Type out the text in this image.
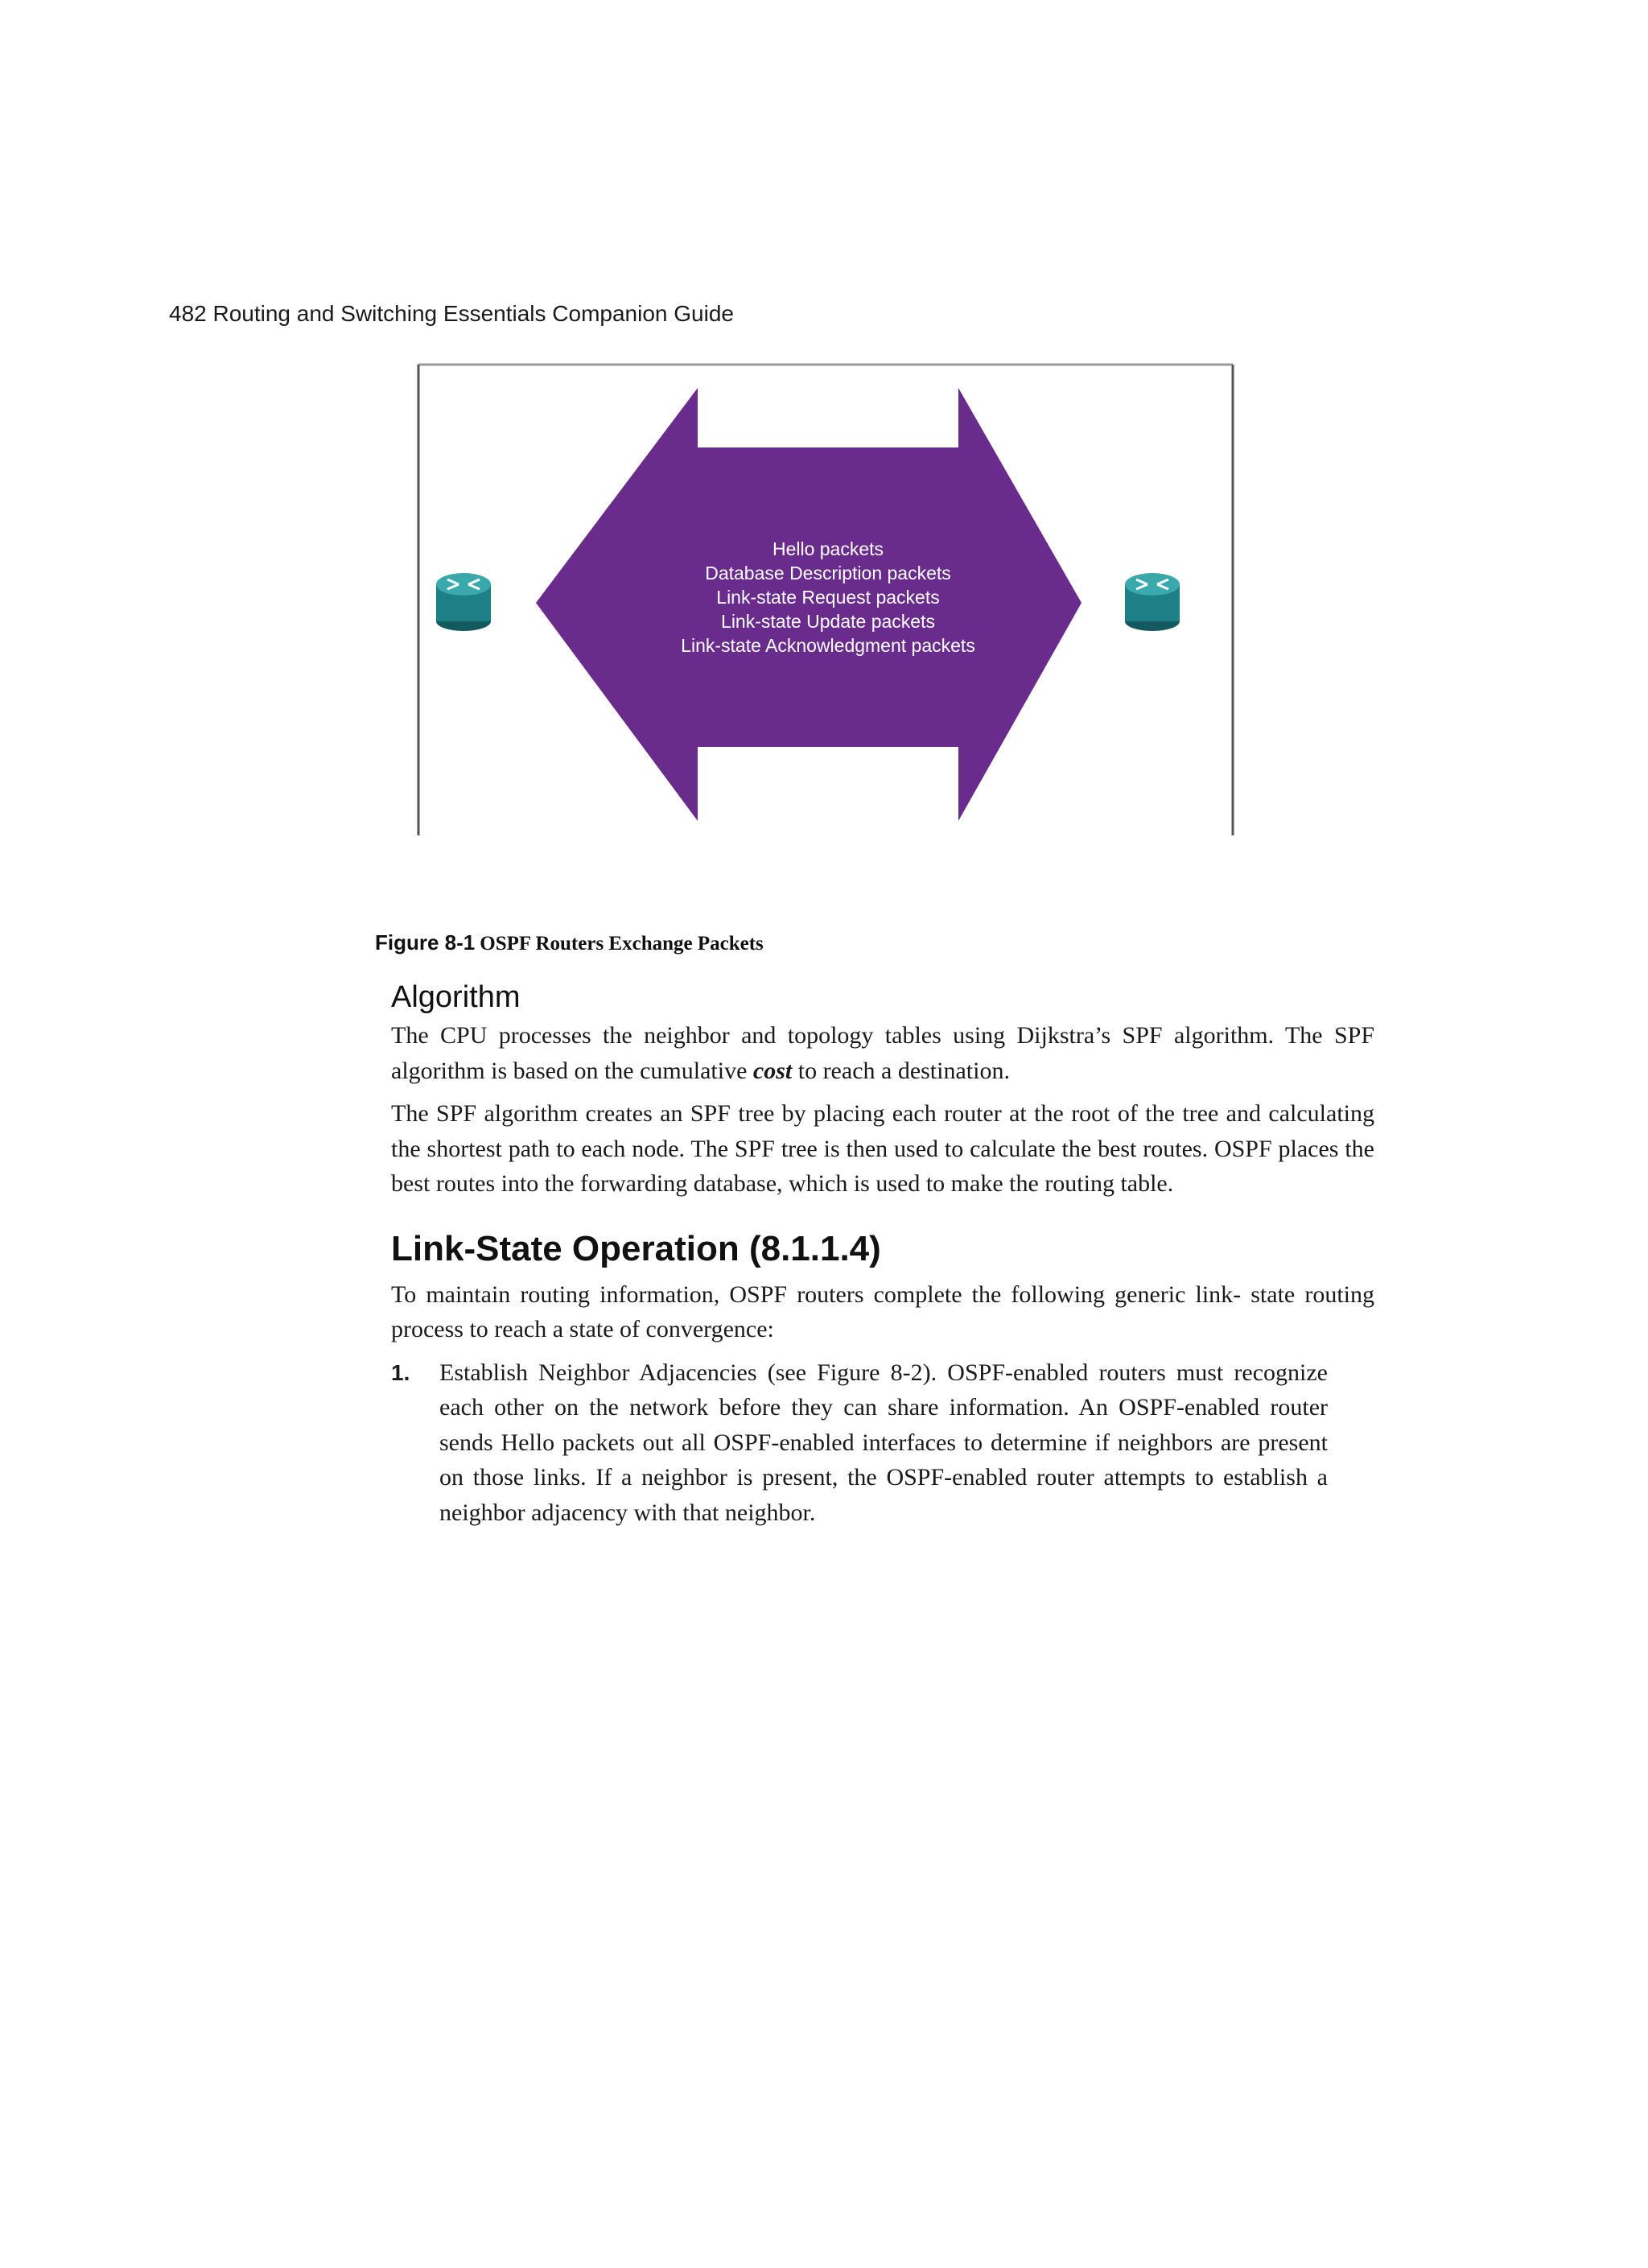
482 Routing and Switching Essentials Companion Guide
Hello packets
Database Description packets
Link-state Request packets
Link-state Update packets
Link-state Acknowledgment packets
Figure 8-1 OSPF Routers Exchange Packets
Algorithm

The CPU processes the neighbor and topology tables using Dijkstra’s SPF algorithm. The SPF algorithm is based on the cumulative cost to reach a destination.

The SPF algorithm creates an SPF tree by placing each router at the root of the tree and calculating the shortest path to each node. The SPF tree is then used to calculate the best routes. OSPF places the best routes into the forwarding database, which is used to make the routing table.

Link-State Operation (8.1.1.4)

To maintain routing information, OSPF routers complete the following generic link- state routing process to reach a state of convergence:

1. Establish Neighbor Adjacencies (see Figure 8-2). OSPF-enabled routers must recognize each other on the network before they can share information. An OSPF-enabled router sends Hello packets out all OSPF-enabled interfaces to determine if neighbors are present on those links. If a neighbor is present, the OSPF-enabled router attempts to establish a neighbor adjacency with that neighbor.
